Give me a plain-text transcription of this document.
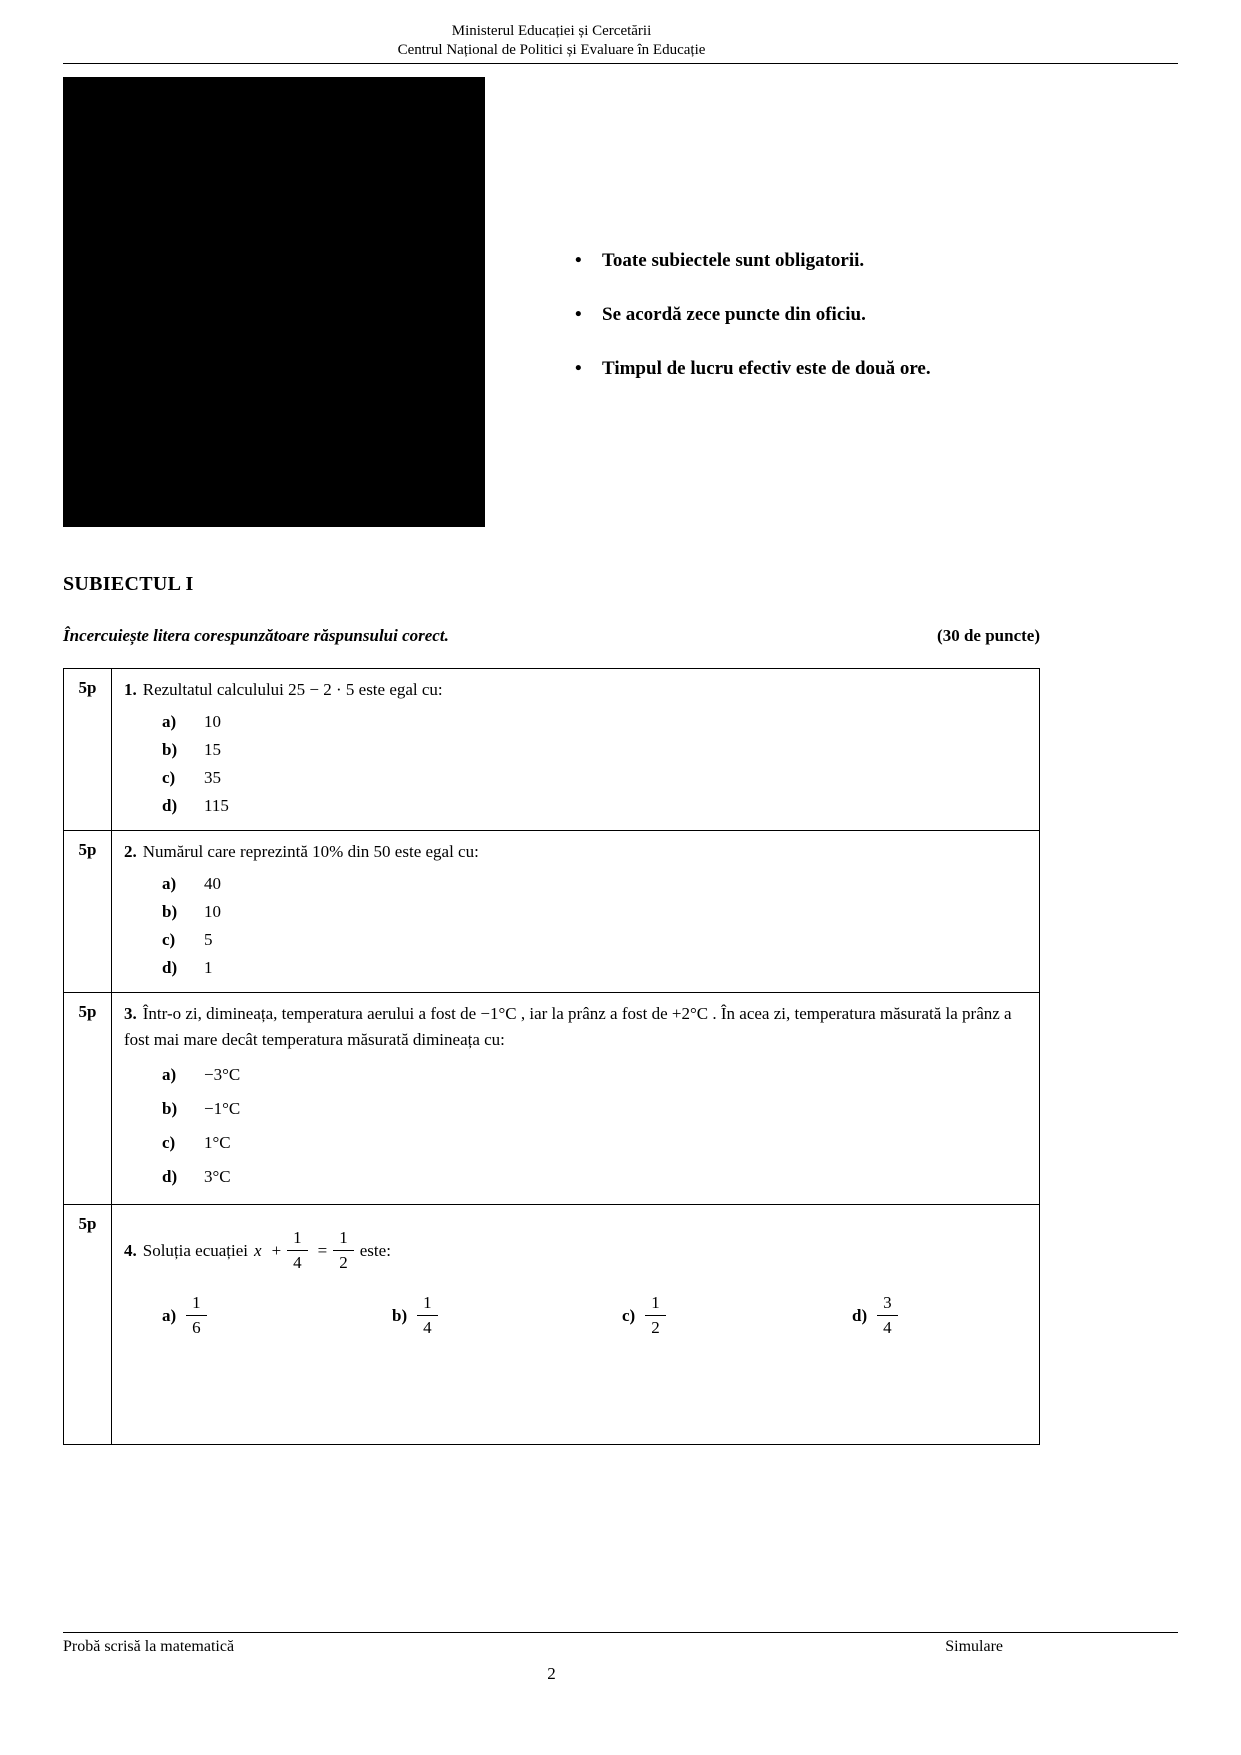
Ministerul Educației și Cercetării
Centrul Național de Politici și Evaluare în Educație
•	Toate subiectele sunt obligatorii.
•	Se acordă zece puncte din oficiu.
•	Timpul de lucru efectiv este de două ore.
SUBIECTUL I
Încercuiește litera corespunzătoare răspunsului corect.	(30 de puncte)
5p	1. Rezultatul calculului 25 − 2 · 5 este egal cu:

a)	10
b)	15
c)	35
d)	115

5p	2. Numărul care reprezintă 10% din 50 este egal cu:

a)	40
b)	10
c)	5
d)	1

5p	3. Într-o zi, dimineața, temperatura aerului a fost de −1°C , iar la prânz a fost de +2°C . În acea zi, temperatura măsurată la prânz a fost mai mare decât temperatura măsurată dimineața cu:

a)	−3°C
b)	−1°C
c)	1°C
d)	3°C

5p	

4. Soluția ecuației $x + \frac{1}{4} = \frac{1}{2}$ este:

$a) \frac{1}{6}$	$b) \frac{1}{4}$	$c) \frac{1}{2}$	$d) \frac{3}{4}$
Probă scrisă la matematică	Simulare
2
